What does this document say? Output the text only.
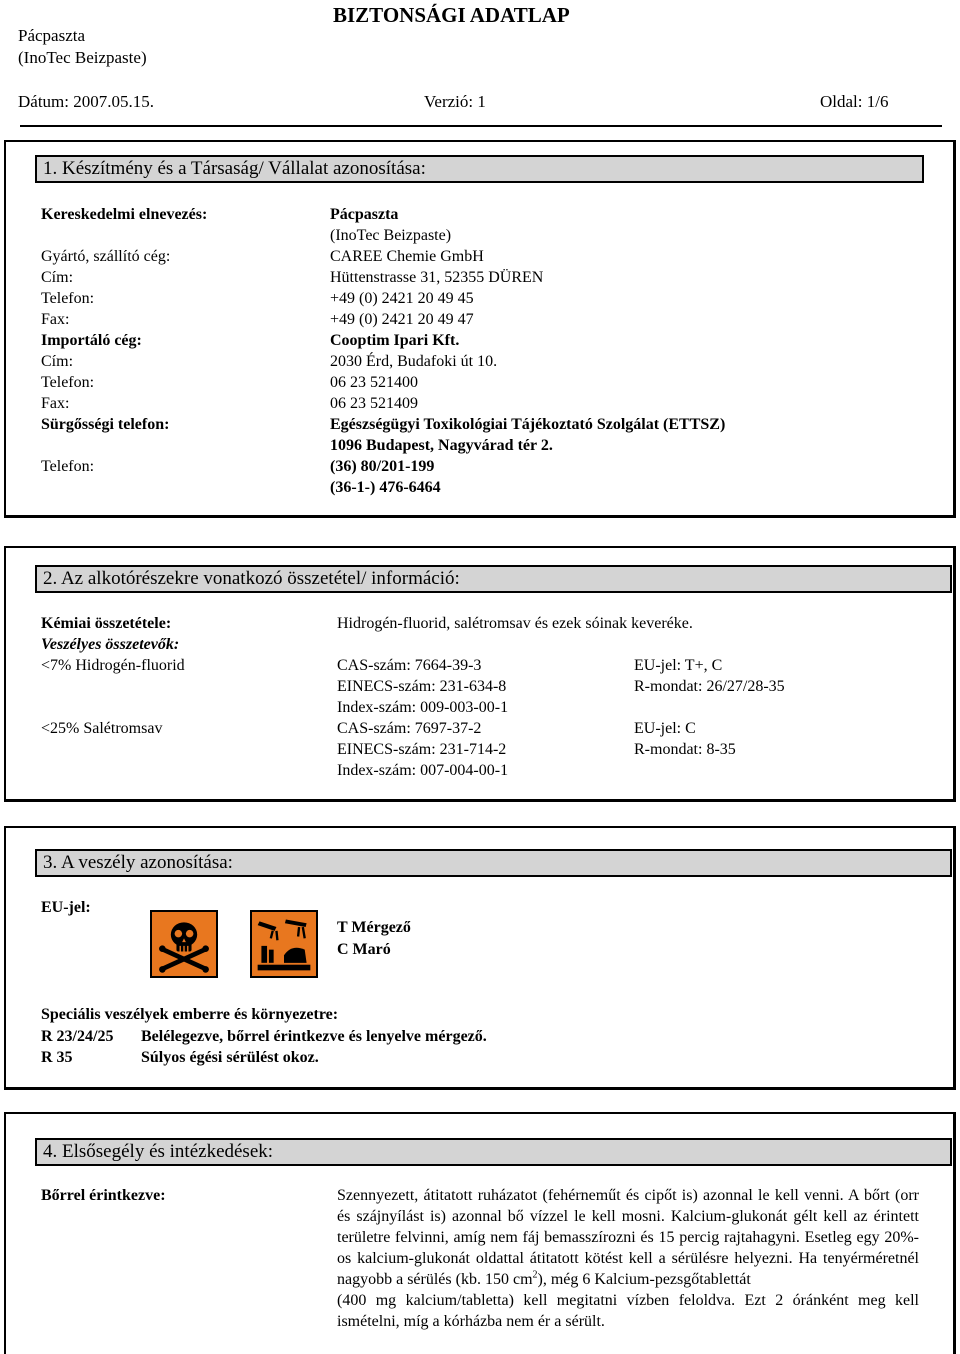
Pácpaszta
(InoTec Beizpaste)
BIZTONSÁGI ADATLAP
Dátum: 2007.05.15.	Verzió: 1	Oldal: 1/6
1. Készítmény és a Társaság/ Vállalat azonosítása:
Kereskedelmi elnevezés:	Pácpaszta
(InoTec Beizpaste)
Gyártó, szállító cég:	CAREE Chemie GmbH
Cím:	Hüttenstrasse 31, 52355 DÜREN
Telefon:	+49 (0) 2421 20 49 45
Fax:	+49 (0) 2421 20 49 47
Importáló cég:	Cooptim Ipari Kft.
Cím:	2030 Érd, Budafoki út 10.
Telefon:	06 23 521400
Fax:	06 23 521409
Sürgősségi telefon:	Egészségügyi Toxikológiai Tájékoztató Szolgálat (ETTSZ)
1096 Budapest, Nagyvárad tér 2.
Telefon:	(36) 80/201-199
(36-1-) 476-6464
2. Az alkotórészekre vonatkozó összetétel/ információ:
Kémiai összetétele:	Hidrogén-fluorid, salétromsav és ezek sóinak keveréke.
Veszélyes összetevők:
<7% Hidrogén-fluorid	CAS-szám: 7664-39-3	EU-jel: T+, C
EINECS-szám: 231-634-8	R-mondat: 26/27/28-35
Index-szám: 009-003-00-1
<25% Salétromsav	CAS-szám: 7697-37-2	EU-jel: C
EINECS-szám: 231-714-2	R-mondat: 8-35
Index-szám: 007-004-00-1
3. A veszély azonosítása:
EU-jel:
T Mérgező
C Maró
Speciális veszélyek emberre és környezetre:
R 23/24/25 Belélegezve, bőrrel érintkezve és lenyelve mérgező.
R 35	Súlyos égési sérülést okoz.
4. Elsősegély és intézkedések:
Bőrrel érintkezve:	Szennyezett, átitatott ruházatot (fehérneműt és cipőt is) azonnal le kell venni. A bőrt (orr és szájnyílást is) azonnal bő vízzel le kell mosni. Kalcium-glukonát gélt kell az érintett területre felvinni, amíg nem fáj bemasszírozni és 15 percig rajtahagyni. Esetleg egy 20%-os kalcium-glukonát oldattal átitatott kötést kell a sérülésre helyezni. Ha tenyérméretnél nagyobb a sérülés (kb. 150 $cm^2$), még 6 Kalcium-pezsgőtablettát
(400 mg kalcium/tabletta) kell megitatni vízben feloldva. Ezt 2 óránként meg kell ismételni, míg a kórházba nem ér a sérült.
